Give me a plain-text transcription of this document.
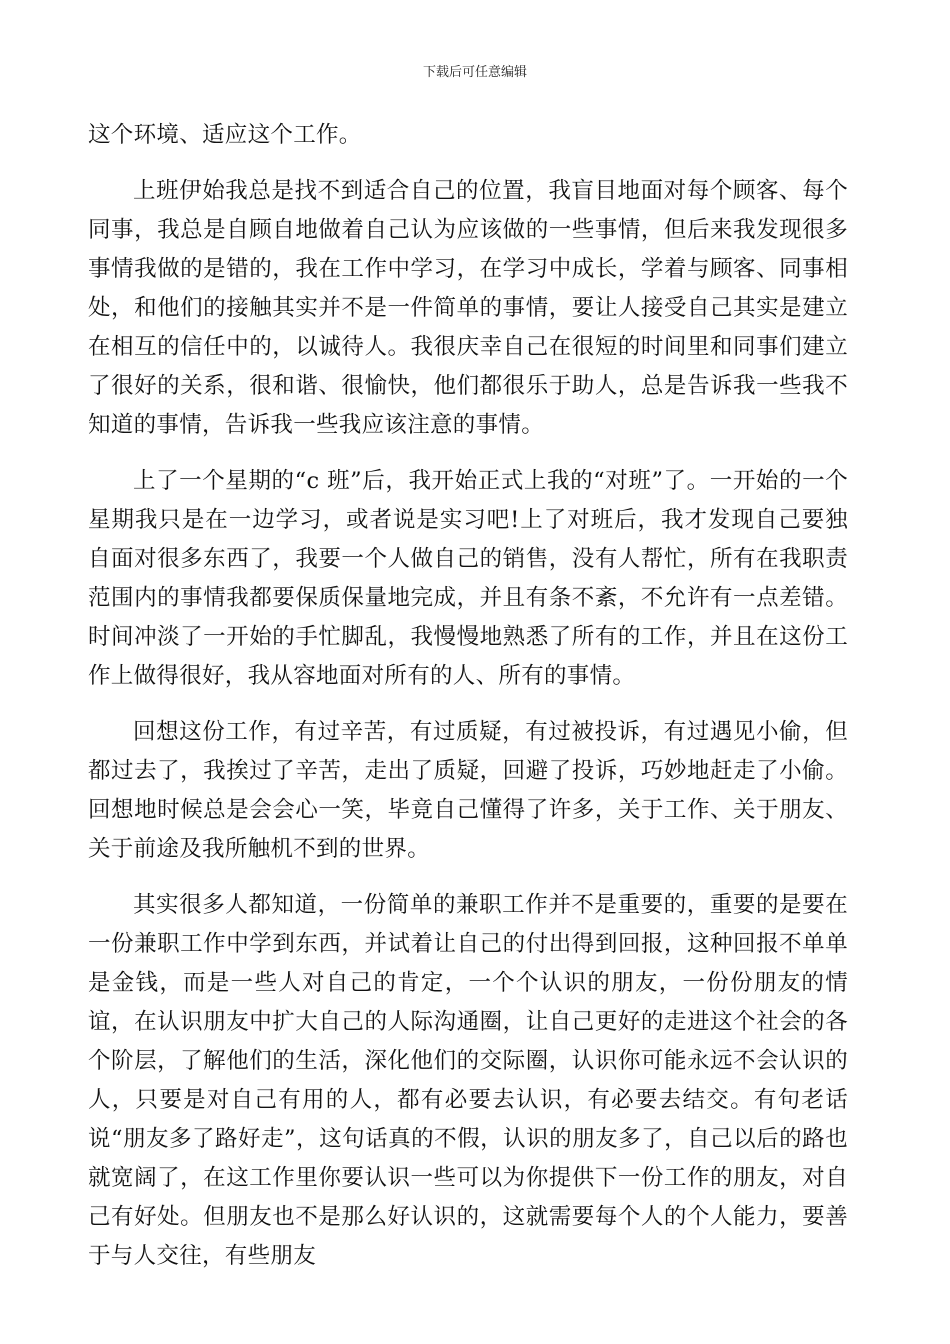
下载后可任意编辑

这个环境、适应这个工作。

上班伊始我总是找不到适合自己的位置，我盲目地面对每个顾客、每个同事，我总是自顾自地做着自己认为应该做的一些事情，但后来我发现很多事情我做的是错的，我在工作中学习，在学习中成长，学着与顾客、同事相处，和他们的接触其实并不是一件简单的事情，要让人接受自己其实是建立在相互的信任中的，以诚待人。我很庆幸自己在很短的时间里和同事们建立了很好的关系，很和谐、很愉快，他们都很乐于助人，总是告诉我一些我不知道的事情，告诉我一些我应该注意的事情。

上了一个星期的“c 班”后，我开始正式上我的“对班”了。一开始的一个星期我只是在一边学习，或者说是实习吧!上了对班后，我才发现自己要独自面对很多东西了，我要一个人做自己的销售，没有人帮忙，所有在我职责范围内的事情我都要保质保量地完成，并且有条不紊，不允许有一点差错。时间冲淡了一开始的手忙脚乱，我慢慢地熟悉了所有的工作，并且在这份工作上做得很好，我从容地面对所有的人、所有的事情。

回想这份工作，有过辛苦，有过质疑，有过被投诉，有过遇见小偷，但都过去了，我挨过了辛苦，走出了质疑，回避了投诉，巧妙地赶走了小偷。回想地时候总是会会心一笑，毕竟自己懂得了许多，关于工作、关于朋友、关于前途及我所触机不到的世界。

其实很多人都知道，一份简单的兼职工作并不是重要的，重要的是要在一份兼职工作中学到东西，并试着让自己的付出得到回报，这种回报不单单是金钱，而是一些人对自己的肯定，一个个认识的朋友，一份份朋友的情谊，在认识朋友中扩大自己的人际沟通圈，让自己更好的走进这个社会的各个阶层，了解他们的生活，深化他们的交际圈，认识你可能永远不会认识的人，只要是对自己有用的人，都有必要去认识，有必要去结交。有句老话说“朋友多了路好走”，这句话真的不假，认识的朋友多了，自己以后的路也就宽阔了，在这工作里你要认识一些可以为你提供下一份工作的朋友，对自己有好处。但朋友也不是那么好认识的，这就需要每个人的个人能力，要善于与人交往，有些朋友
